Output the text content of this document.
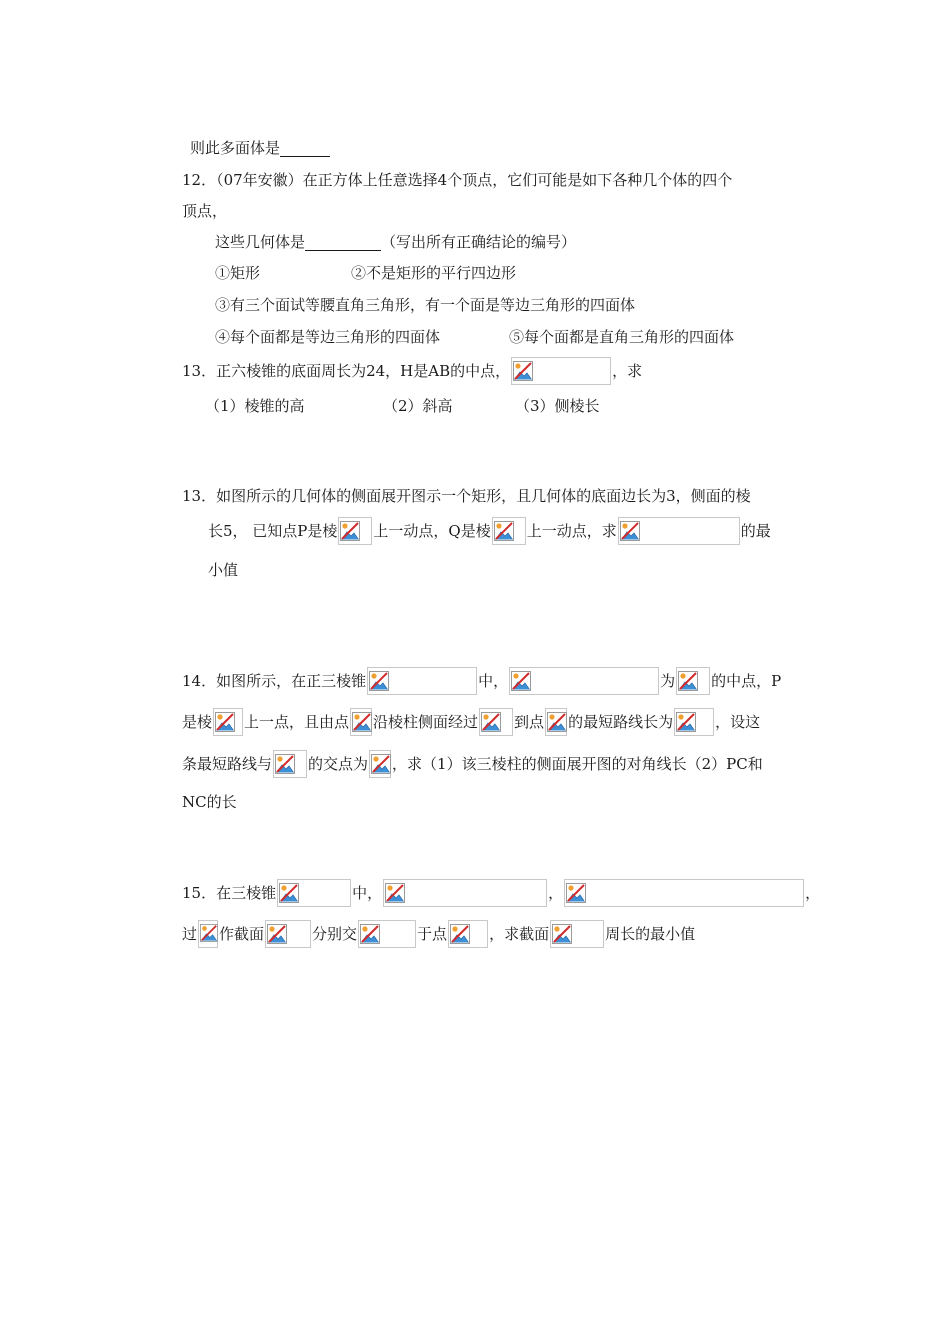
则此多面体是
12．（07年安徽）在正方体上任意选择4个顶点，它们可能是如下各种几个体的四个
顶点，
这些几何体是	（写出所有正确结论的编号）
①矩形	②不是矩形的平行四边形
③有三个面试等腰直角三角形，有一个面是等边三角形的四面体
④每个面都是等边三角形的四面体	⑤每个面都是直角三角形的四面体
13．正六棱锥的底面周长为24，H是AB的中点，	，求
（1）棱锥的高	（2）斜高	（3）侧棱长
13．如图所示的几何体的侧面展开图示一个矩形，且几何体的底面边长为3，侧面的棱
长5， 已知点P是棱 上一动点，Q是棱 上一动点，求	的最
小值
14．如图所示，在正三棱锥	中，	为 的中点，P
是棱 上一点，且由点 沿棱柱侧面经过 到点 的最短路线长为	，设这
条最短路线与 的交点为 ，求（1）该三棱柱的侧面展开图的对角线长（2）PC和
NC的长
15．在三棱锥	中，	，	，
过 作截面	分别交	于点	，求截面	周长的最小值
